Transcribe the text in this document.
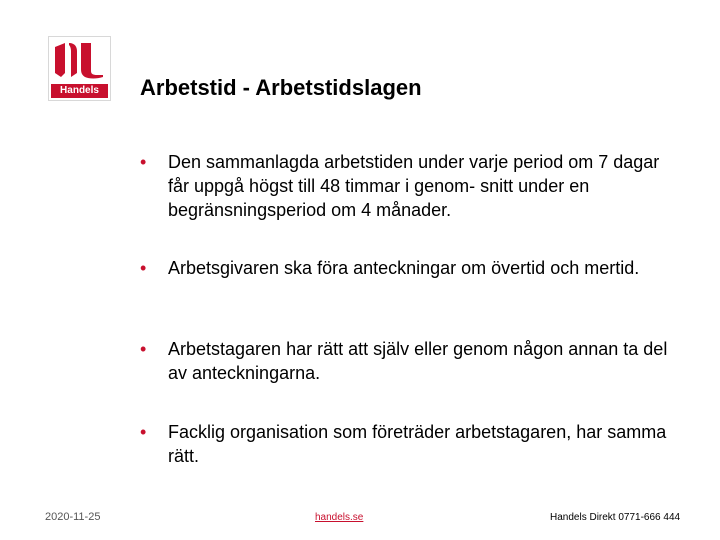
Handels	Arbetstid - Arbetstidslagen
• Den sammanlagda arbetstiden under varje period om 7 dagar får uppgå högst till 48 timmar i genom- snitt under en begränsningsperiod om 4 månader.
• Arbetsgivaren ska föra anteckningar om övertid och mertid.
• Arbetstagaren har rätt att själv eller genom någon annan ta del av anteckningarna.
• Facklig organisation som företräder arbetstagaren, har samma rätt.
2020-11-25	handels.se	Handels Direkt 0771-666 444
